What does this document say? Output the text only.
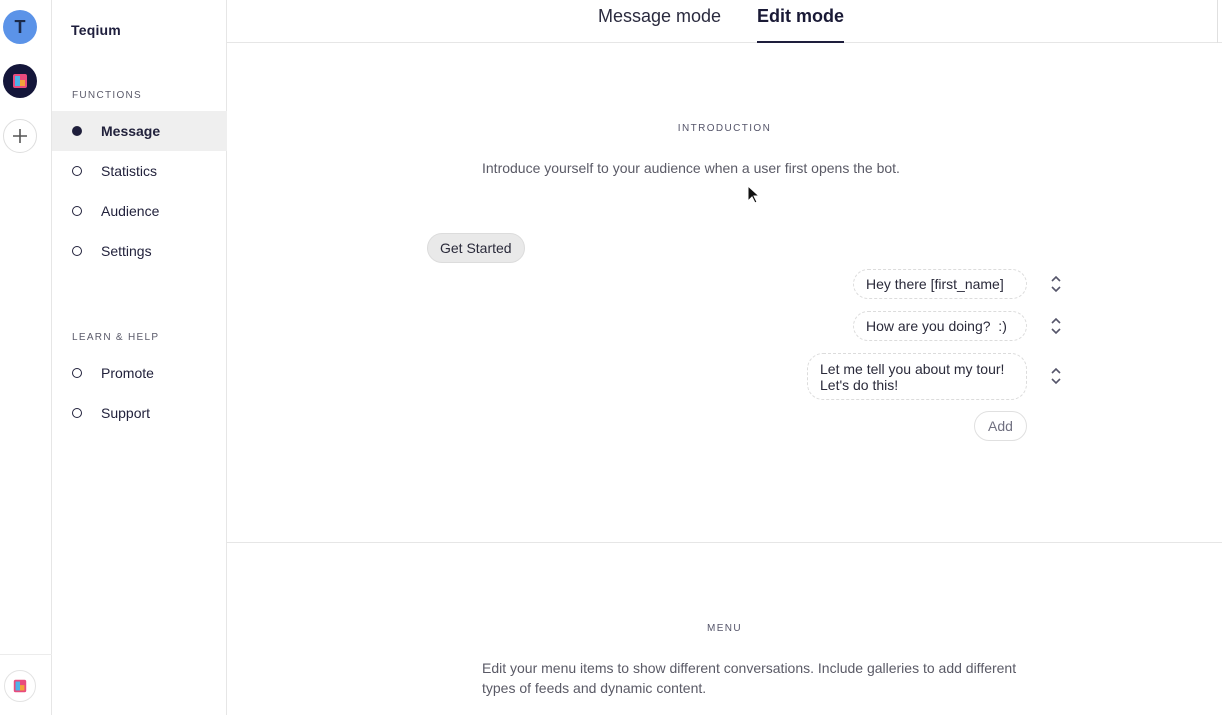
T	Teqium
FUNCTIONS
Message
Statistics
Audience
Settings
LEARN & HELP
Promote
Support
Message mode Edit mode
INTRODUCTION
Introduce yourself to your audience when a user first opens the bot.
Get Started
Hey there [first_name]
How are you doing?  :)
Let me tell you about my tour! Let's do this!
Add
MENU
Edit your menu items to show different conversations. Include galleries to add different types of feeds and dynamic content.
